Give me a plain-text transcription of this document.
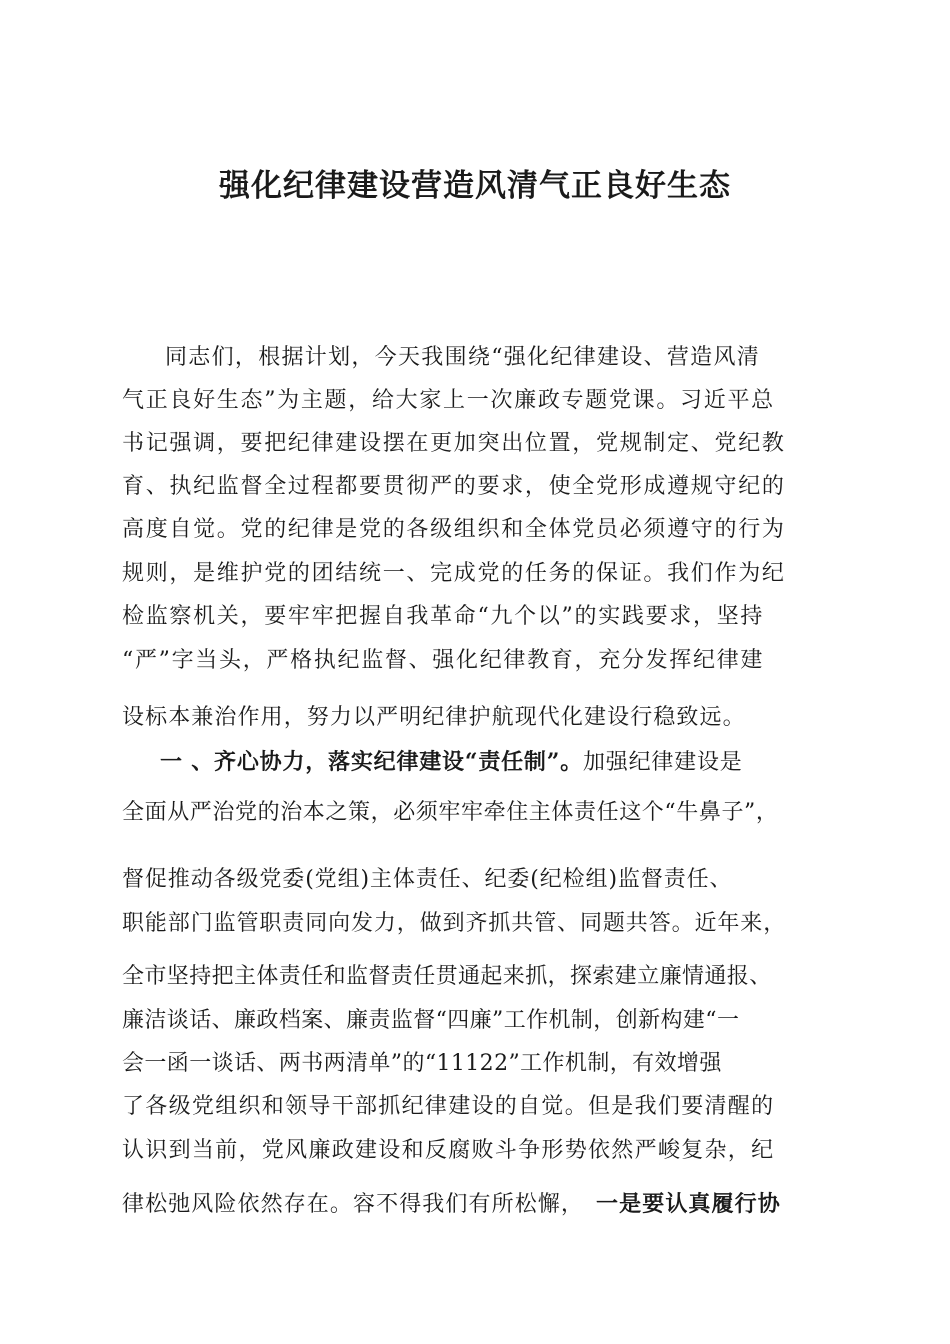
强化纪律建设营造风清气正良好生态
同志们，根据计划，今天我围绕“强化纪律建设、营造风清
气正良好生态”为主题，给大家上一次廉政专题党课。习近平总
书记强调，要把纪律建设摆在更加突出位置，党规制定、党纪教
育、执纪监督全过程都要贯彻严的要求，使全党形成遵规守纪的
高度自觉。党的纪律是党的各级组织和全体党员必须遵守的行为
规则，是维护党的团结统一、完成党的任务的保证。我们作为纪
检监察机关，要牢牢把握自我革命“九个以”的实践要求，坚持
“严”字当头，严格执纪监督、强化纪律教育，充分发挥纪律建
设标本兼治作用，努力以严明纪律护航现代化建设行稳致远。
一 、齐心协力，落实纪律建设“责任制”。加强纪律建设是
全面从严治党的治本之策，必须牢牢牵住主体责任这个“牛鼻子”，
督促推动各级党委(党组)主体责任、纪委(纪检组)监督责任、
职能部门监管职责同向发力，做到齐抓共管、同题共答。近年来，
全市坚持把主体责任和监督责任贯通起来抓，探索建立廉情通报、
廉洁谈话、廉政档案、廉责监督“四廉”工作机制，创新构建“一
会一函一谈话、两书两清单”的“11122”工作机制，有效增强
了各级党组织和领导干部抓纪律建设的自觉。但是我们要清醒的
认识到当前，党风廉政建设和反腐败斗争形势依然严峻复杂，纪
律松弛风险依然存在。容不得我们有所松懈， 一是要认真履行协
